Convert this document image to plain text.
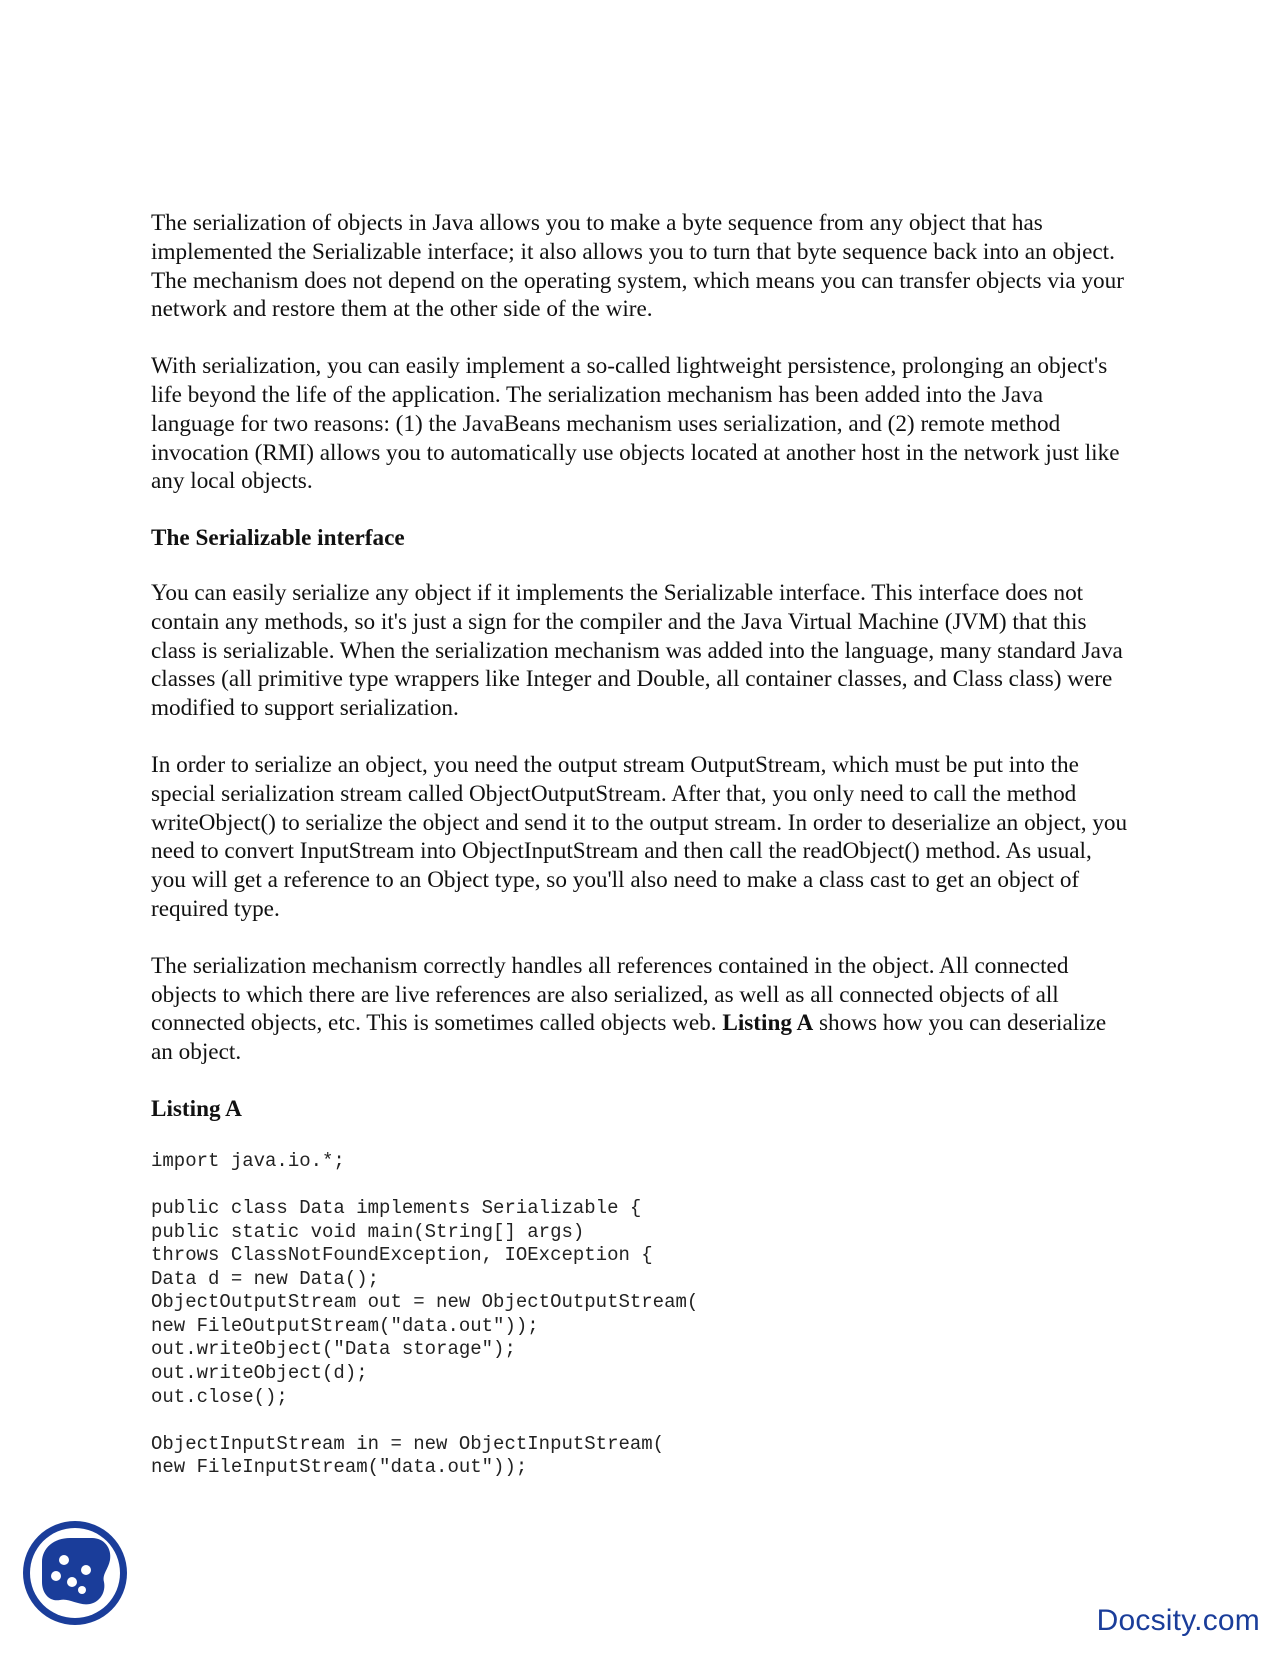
The serialization of objects in Java allows you to make a byte sequence from any object that has implemented the Serializable interface; it also allows you to turn that byte sequence back into an object. The mechanism does not depend on the operating system, which means you can transfer objects via your network and restore them at the other side of the wire.

With serialization, you can easily implement a so-called lightweight persistence, prolonging an object's life beyond the life of the application. The serialization mechanism has been added into the Java language for two reasons: (1) the JavaBeans mechanism uses serialization, and (2) remote method invocation (RMI) allows you to automatically use objects located at another host in the network just like any local objects.

The Serializable interface

You can easily serialize any object if it implements the Serializable interface. This interface does not contain any methods, so it's just a sign for the compiler and the Java Virtual Machine (JVM) that this class is serializable. When the serialization mechanism was added into the language, many standard Java classes (all primitive type wrappers like Integer and Double, all container classes, and Class class) were modified to support serialization.

In order to serialize an object, you need the output stream OutputStream, which must be put into the special serialization stream called ObjectOutputStream. After that, you only need to call the method writeObject() to serialize the object and send it to the output stream. In order to deserialize an object, you need to convert InputStream into ObjectInputStream and then call the readObject() method. As usual, you will get a reference to an Object type, so you'll also need to make a class cast to get an object of required type.

The serialization mechanism correctly handles all references contained in the object. All connected objects to which there are live references are also serialized, as well as all connected objects of all connected objects, etc. This is sometimes called objects web. Listing A shows how you can deserialize an object.

Listing A
import java.io.*;
public class Data implements Serializable {
public static void main(String[] args)
throws ClassNotFoundException, IOException {
Data d = new Data();
ObjectOutputStream out = new ObjectOutputStream(
new FileOutputStream("data.out"));
out.writeObject("Data storage");
out.writeObject(d);
out.close();
ObjectInputStream in = new ObjectInputStream(
new FileInputStream("data.out"));
Docsity.com
